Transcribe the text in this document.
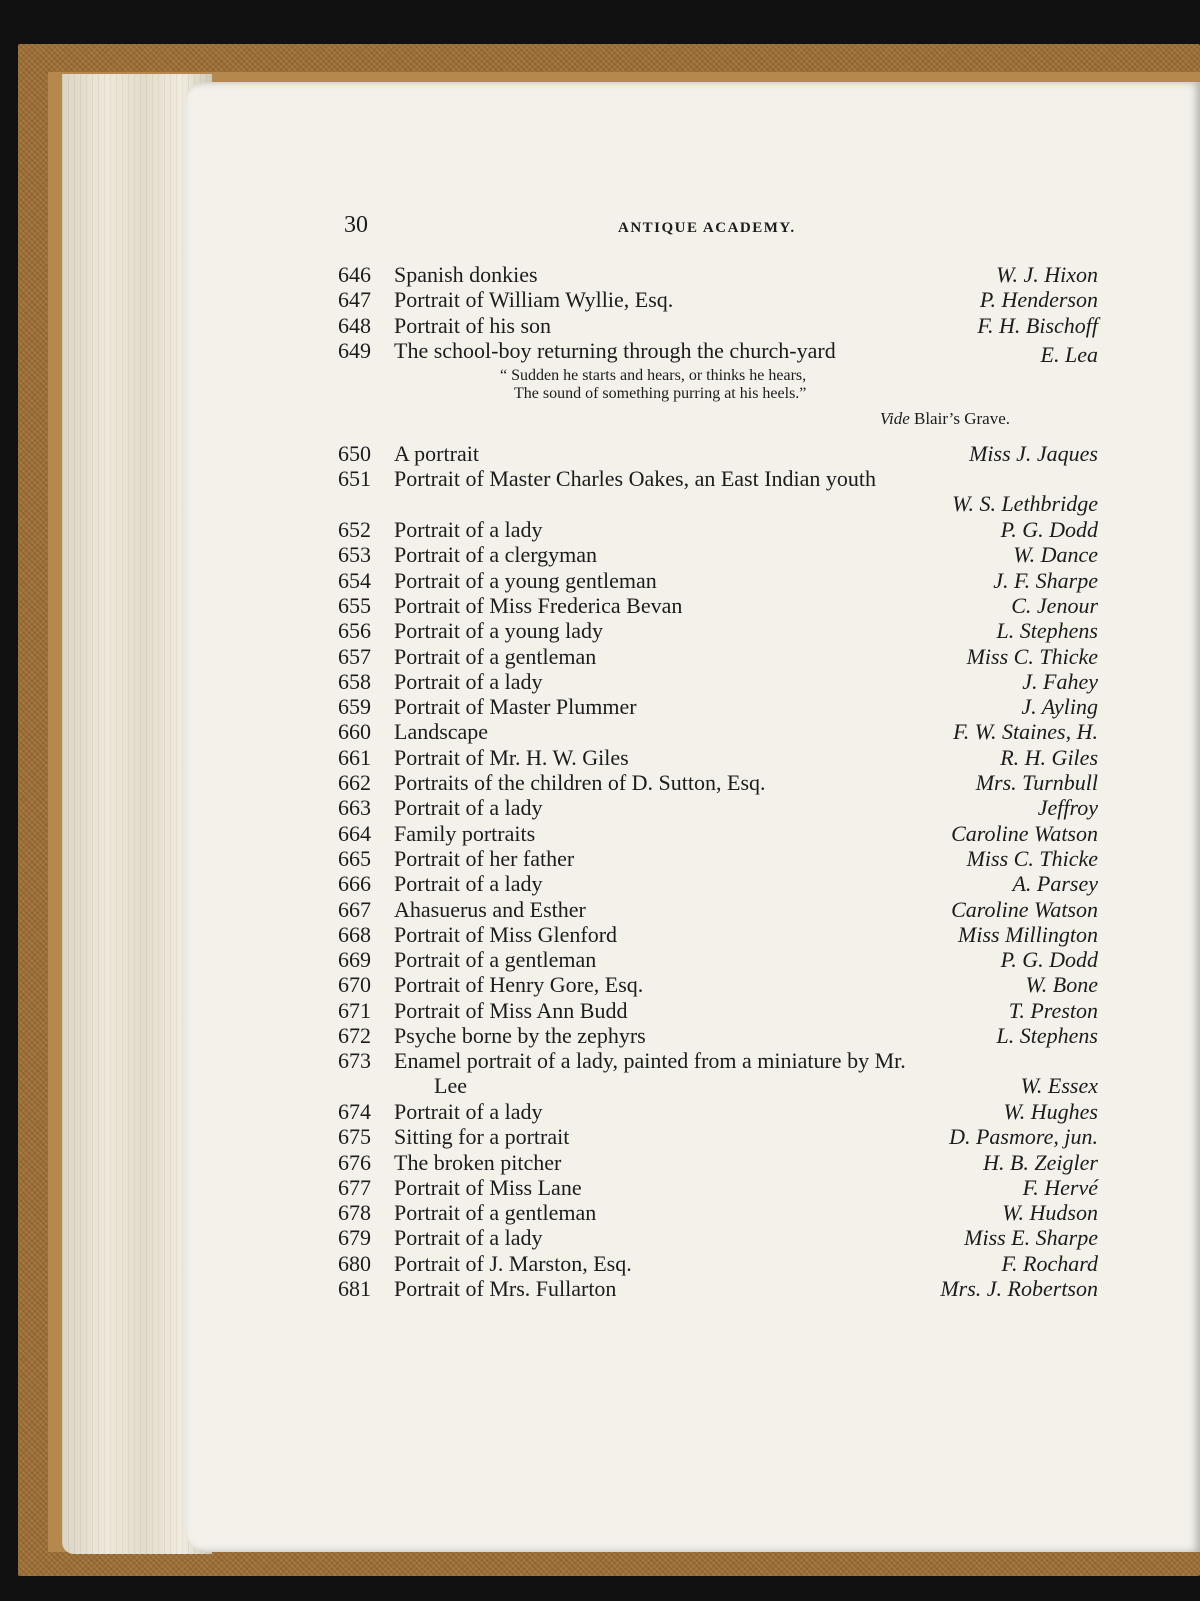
30	ANTIQUE ACADEMY.
646	Spanish donkies	W. J. Hixon
647	Portrait of William Wyllie, Esq.	P. Henderson
648	Portrait of his son	F. H. Bischoff
649	The school-boy returning through the church-yard	E. Lea
“ Sudden he starts and hears, or thinks he hears,
The sound of something purring at his heels.”
Vide Blair’s Grave.
650	A portrait	Miss J. Jaques
651	Portrait of Master Charles Oakes, an East Indian youth
W. S. Lethbridge
652	Portrait of a lady	P. G. Dodd
653	Portrait of a clergyman	W. Dance
654	Portrait of a young gentleman	J. F. Sharpe
655	Portrait of Miss Frederica Bevan	C. Jenour
656	Portrait of a young lady	L. Stephens
657	Portrait of a gentleman	Miss C. Thicke
658	Portrait of a lady	J. Fahey
659	Portrait of Master Plummer	J. Ayling
660	Landscape	F. W. Staines, H.
661	Portrait of Mr. H. W. Giles	R. H. Giles
662	Portraits of the children of D. Sutton, Esq.	Mrs. Turnbull
663	Portrait of a lady	Jeffroy
664	Family portraits	Caroline Watson
665	Portrait of her father	Miss C. Thicke
666	Portrait of a lady	A. Parsey
667	Ahasuerus and Esther	Caroline Watson
668	Portrait of Miss Glenford	Miss Millington
669	Portrait of a gentleman	P. G. Dodd
670	Portrait of Henry Gore, Esq.	W. Bone
671	Portrait of Miss Ann Budd	T. Preston
672	Psyche borne by the zephyrs	L. Stephens
673	Enamel portrait of a lady, painted from a miniature by Mr.
Lee	W. Essex
674	Portrait of a lady	W. Hughes
675	Sitting for a portrait	D. Pasmore, jun.
676	The broken pitcher	H. B. Zeigler
677	Portrait of Miss Lane	F. Hervé
678	Portrait of a gentleman	W. Hudson
679	Portrait of a lady	Miss E. Sharpe
680	Portrait of J. Marston, Esq.	F. Rochard
681	Portrait of Mrs. Fullarton	Mrs. J. Robertson
